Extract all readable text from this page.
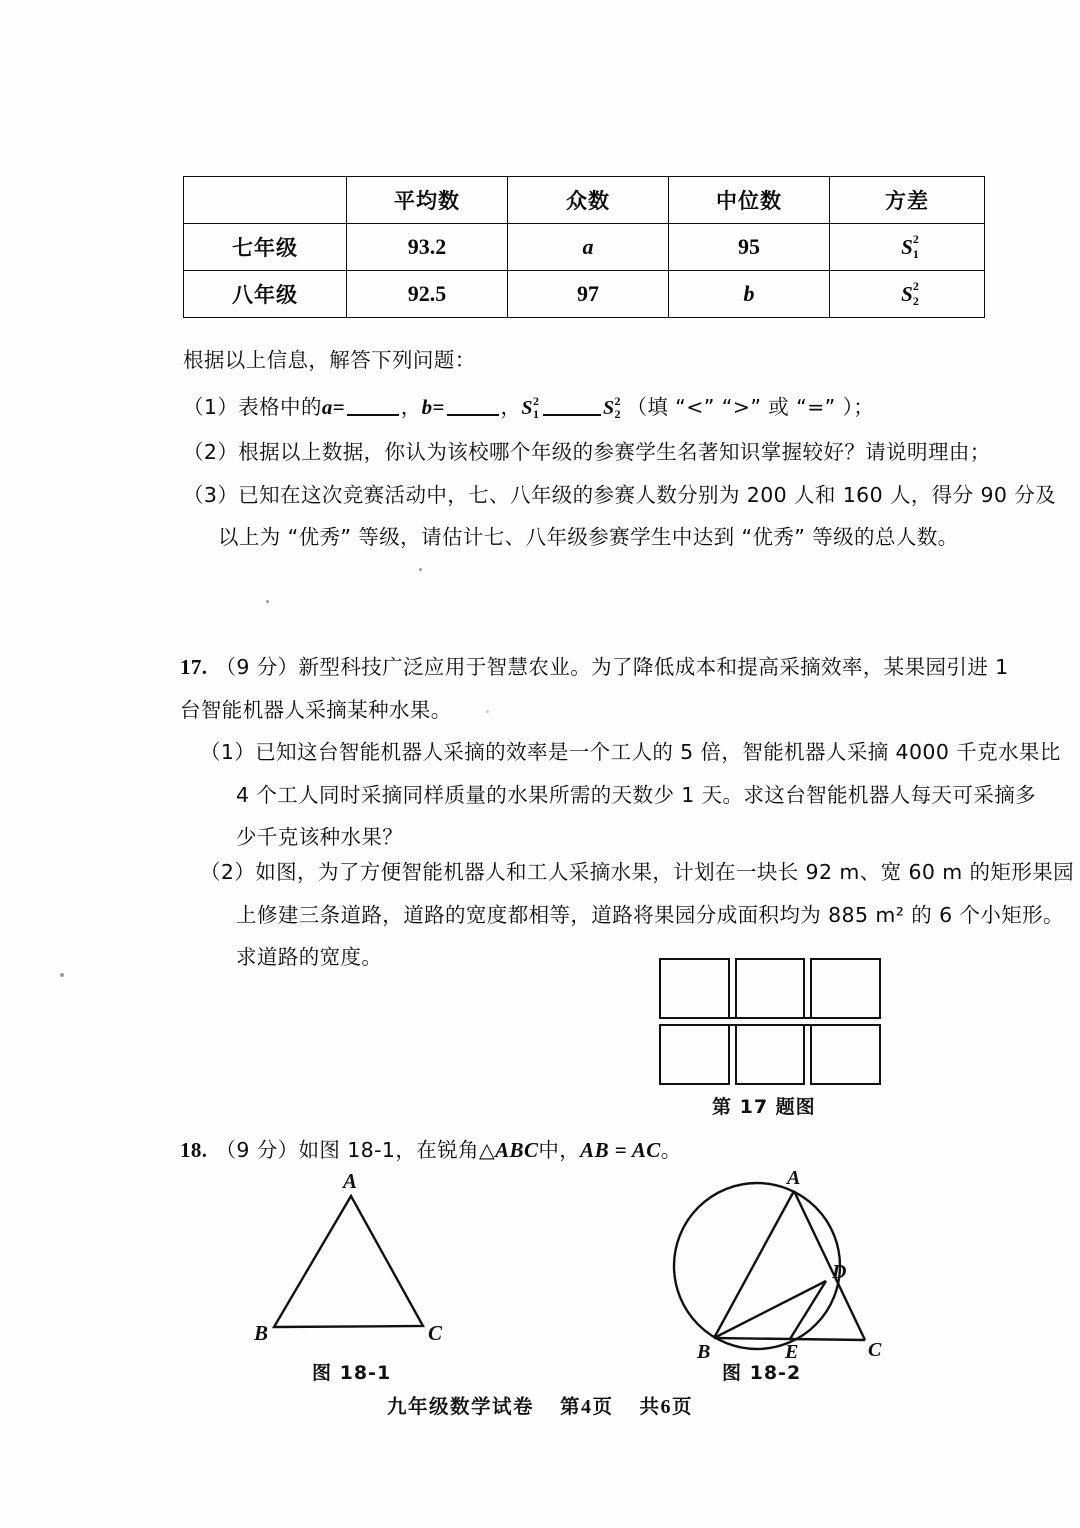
	平均数	众数	中位数	方差
七年级	93.2	a	95	S 1
2

八年级	92.5	97	b	S 2
2
根据以上信息，解答下列问题：
（1）表格中的a=	，b=	，S 1
2	S 2
2 （填 “<” “>” 或 “=” ）；
（2）根据以上数据，你认为该校哪个年级的参赛学生名著知识掌握较好？请说明理由；
（3）已知在这次竞赛活动中，七、八年级的参赛人数分别为 200 人和 160 人，得分 90 分及
以上为 “优秀” 等级，请估计七、八年级参赛学生中达到 “优秀” 等级的总人数。
17. （9 分）新型科技广泛应用于智慧农业。为了降低成本和提高采摘效率，某果园引进 1
台智能机器人采摘某种水果。
（1）已知这台智能机器人采摘的效率是一个工人的 5 倍，智能机器人采摘 4000 千克水果比
4 个工人同时采摘同样质量的水果所需的天数少 1 天。求这台智能机器人每天可采摘多
少千克该种水果？
（2）如图，为了方便智能机器人和工人采摘水果，计划在一块长 92 m、宽 60 m 的矩形果园
上修建三条道路，道路的宽度都相等，道路将果园分成面积均为 885 m² 的 6 个小矩形。
求道路的宽度。
第 17 题图
18. （9 分）如图 18-1，在锐角△ABC中，AB = AC。
A
B	C
图 18-1
A
B	C
D
E
图 18-2
九年级数学试卷 第4页 共6页
